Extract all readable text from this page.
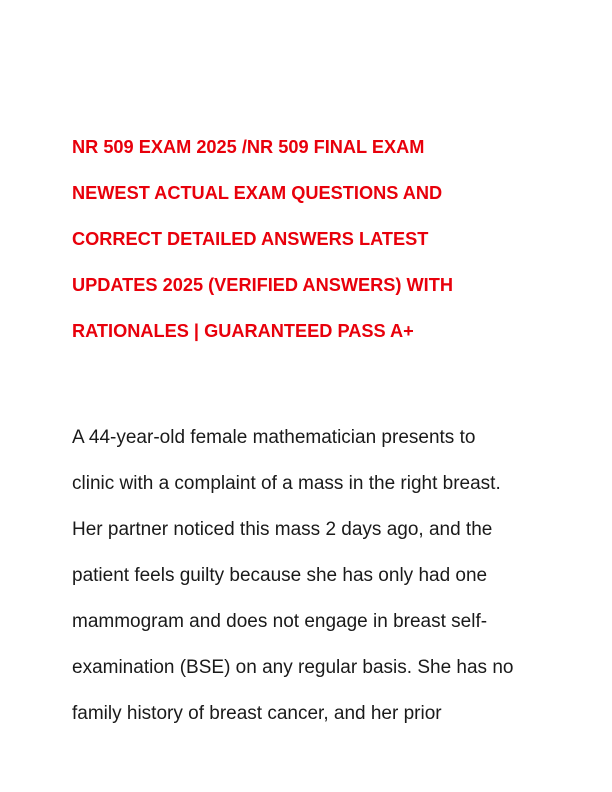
NR 509 EXAM 2025 /NR 509 FINAL EXAM
NEWEST ACTUAL EXAM QUESTIONS AND
CORRECT DETAILED ANSWERS LATEST
UPDATES 2025 (VERIFIED ANSWERS) WITH
RATIONALES | GUARANTEED PASS A+
A 44-year-old female mathematician presents to
clinic with a complaint of a mass in the right breast.
Her partner noticed this mass 2 days ago, and the
patient feels guilty because she has only had one
mammogram and does not engage in breast self-
examination (BSE) on any regular basis. She has no
family history of breast cancer, and her prior
